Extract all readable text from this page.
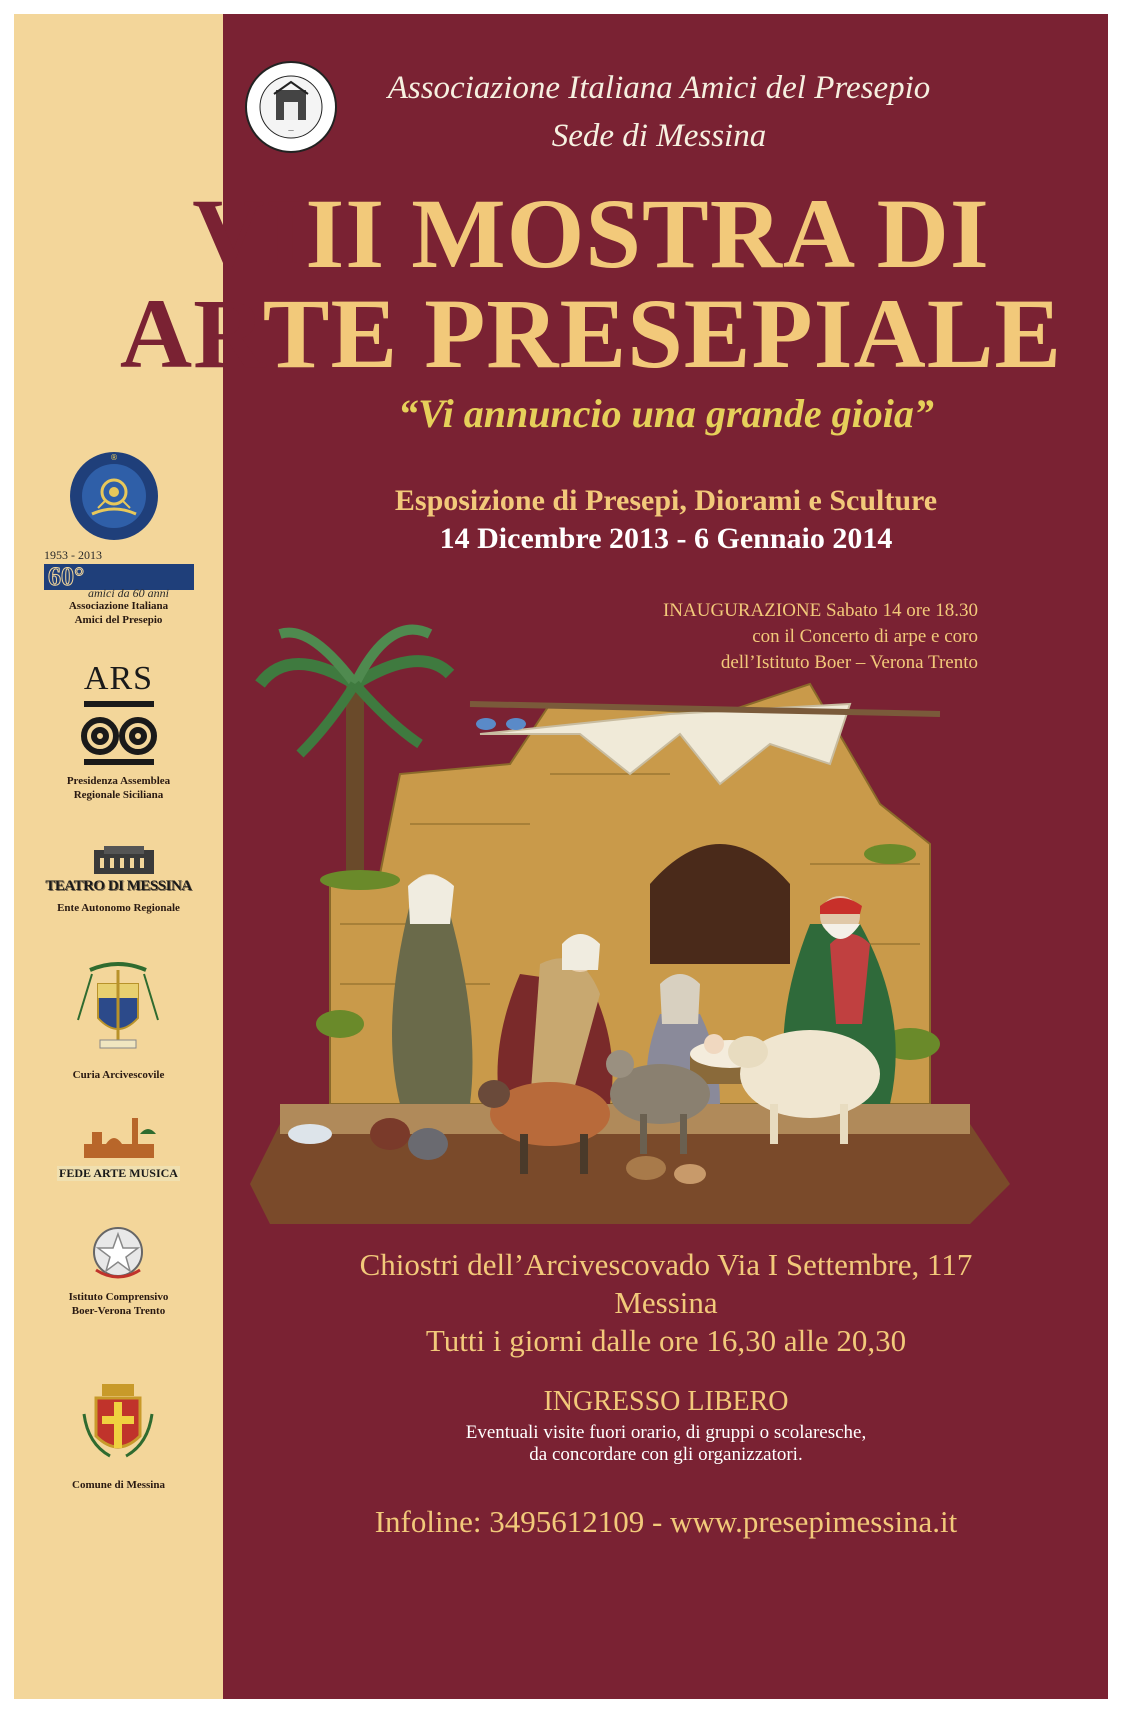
®
1953 - 2013
60°
amici da 60 anni
Associazione Italiana
Amici del Presepio
ARS
Presidenza Assemblea
Regionale Siciliana
TEATRO DI MESSINA
Ente Autonomo Regionale
Curia Arcivescovile
FEDE ARTE MUSICA
Istituto Comprensivo
Boer-Verona Trento
Comune di Messina
—
Associazione Italiana Amici del Presepio
Sede di Messina
VIII MOSTRA DI
ARTE PRESEPIALE
“Vi annuncio una grande gioia”
Esposizione di Presepi, Diorami e Sculture
14 Dicembre 2013 - 6 Gennaio 2014
INAUGURAZIONE Sabato 14 ore 18.30
con il Concerto di arpe e coro
dell’Istituto Boer – Verona Trento
Chiostri dell’Arcivescovado Via I Settembre, 117
Messina
Tutti i giorni dalle ore 16,30 alle 20,30
INGRESSO LIBERO
Eventuali visite fuori orario, di gruppi o scolaresche,
da concordare con gli organizzatori.
Infoline: 3495612109 - www.presepimessina.it
